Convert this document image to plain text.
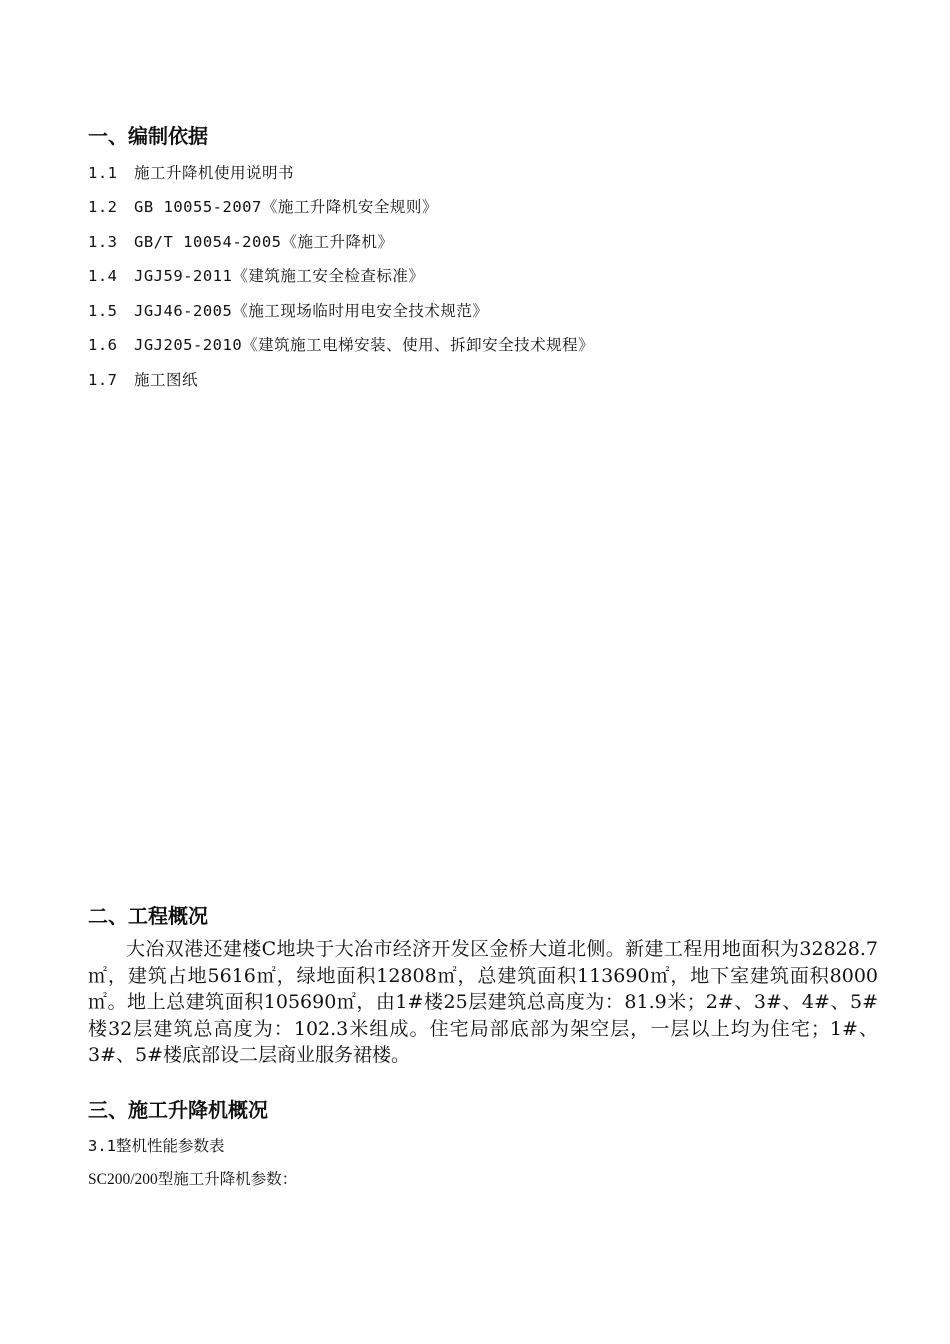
一、编制依据
1.1 施工升降机使用说明书
1.2 GB 10055-2007《施工升降机安全规则》
1.3 GB/T 10054-2005《施工升降机》
1.4 JGJ59-2011《建筑施工安全检查标准》
1.5 JGJ46-2005《施工现场临时用电安全技术规范》
1.6 JGJ205-2010《建筑施工电梯安装、使用、拆卸安全技术规程》
1.7 施工图纸
二、工程概况
大冶双港还建楼C地块于大冶市经济开发区金桥大道北侧。新建工程用地面积为32828.7㎡，建筑占地5616㎡，绿地面积12808㎡，总建筑面积113690㎡，地下室建筑面积8000㎡。地上总建筑面积105690㎡，由1#楼25层建筑总高度为：81.9米；2#、3#、4#、5#楼32层建筑总高度为：102.3米组成。住宅局部底部为架空层，一层以上均为住宅；1#、3#、5#楼底部设二层商业服务裙楼。
三、施工升降机概况
3.1整机性能参数表
SC200/200型施工升降机参数：
